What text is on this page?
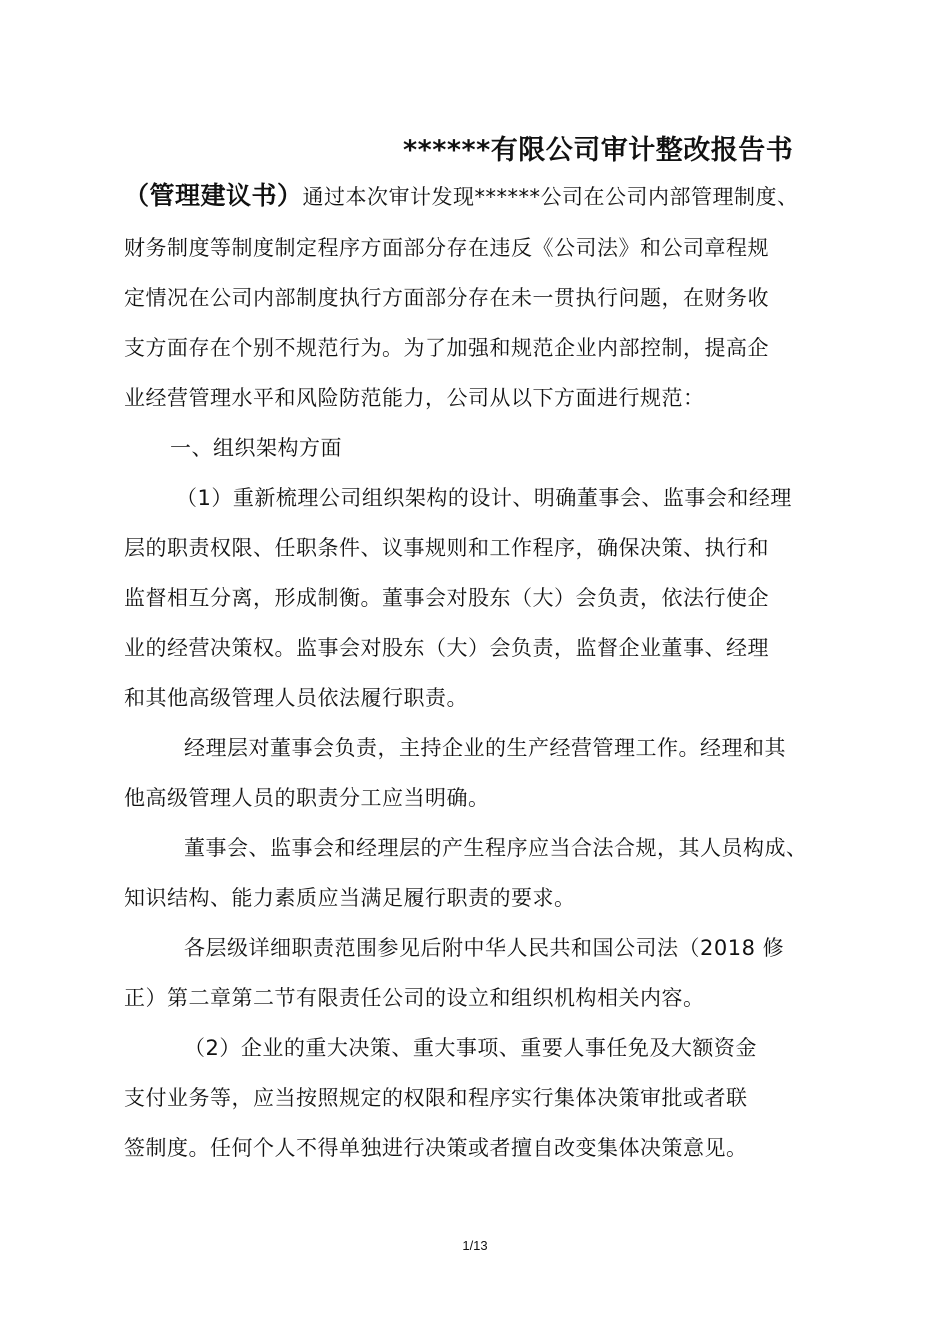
******有限公司审计整改报告书
（管理建议书）通过本次审计发现******公司在公司内部管理制度、
财务制度等制度制定程序方面部分存在违反《公司法》和公司章程规
定情况在公司内部制度执行方面部分存在未一贯执行问题，在财务收
支方面存在个别不规范行为。为了加强和规范企业内部控制，提高企
业经营管理水平和风险防范能力，公司从以下方面进行规范：
一、组织架构方面
（1）重新梳理公司组织架构的设计、明确董事会、监事会和经理
层的职责权限、任职条件、议事规则和工作程序，确保决策、执行和
监督相互分离，形成制衡。董事会对股东（大）会负责，依法行使企
业的经营决策权。监事会对股东（大）会负责，监督企业董事、经理
和其他高级管理人员依法履行职责。
经理层对董事会负责，主持企业的生产经营管理工作。经理和其
他高级管理人员的职责分工应当明确。
董事会、监事会和经理层的产生程序应当合法合规，其人员构成、
知识结构、能力素质应当满足履行职责的要求。
各层级详细职责范围参见后附中华人民共和国公司法（2018 修
正）第二章第二节有限责任公司的设立和组织机构相关内容。
（2）企业的重大决策、重大事项、重要人事任免及大额资金
支付业务等，应当按照规定的权限和程序实行集体决策审批或者联
签制度。任何个人不得单独进行决策或者擅自改变集体决策意见。
1/13
